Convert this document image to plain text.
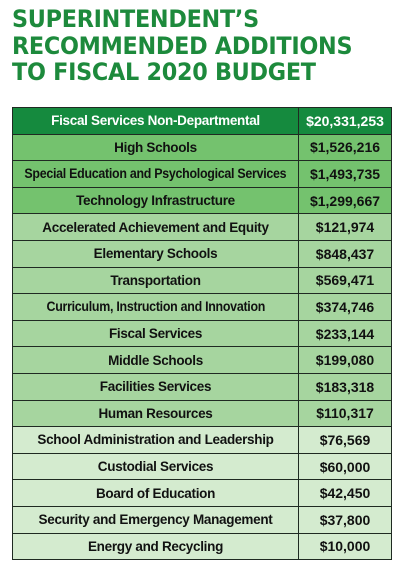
SUPERINTENDENT’S
RECOMMENDED ADDITIONS
TO FISCAL 2020 BUDGET
Fiscal Services Non-Departmental	$20,331,253
High Schools	$1,526,216
Special Education and Psychological Services	$1,493,735
Technology Infrastructure	$1,299,667
Accelerated Achievement and Equity	$121,974
Elementary Schools	$848,437
Transportation	$569,471
Curriculum, Instruction and Innovation	$374,746
Fiscal Services	$233,144
Middle Schools	$199,080
Facilities Services	$183,318
Human Resources	$110,317
School Administration and Leadership	$76,569
Custodial Services	$60,000
Board of Education	$42,450
Security and Emergency Management	$37,800
Energy and Recycling	$10,000
